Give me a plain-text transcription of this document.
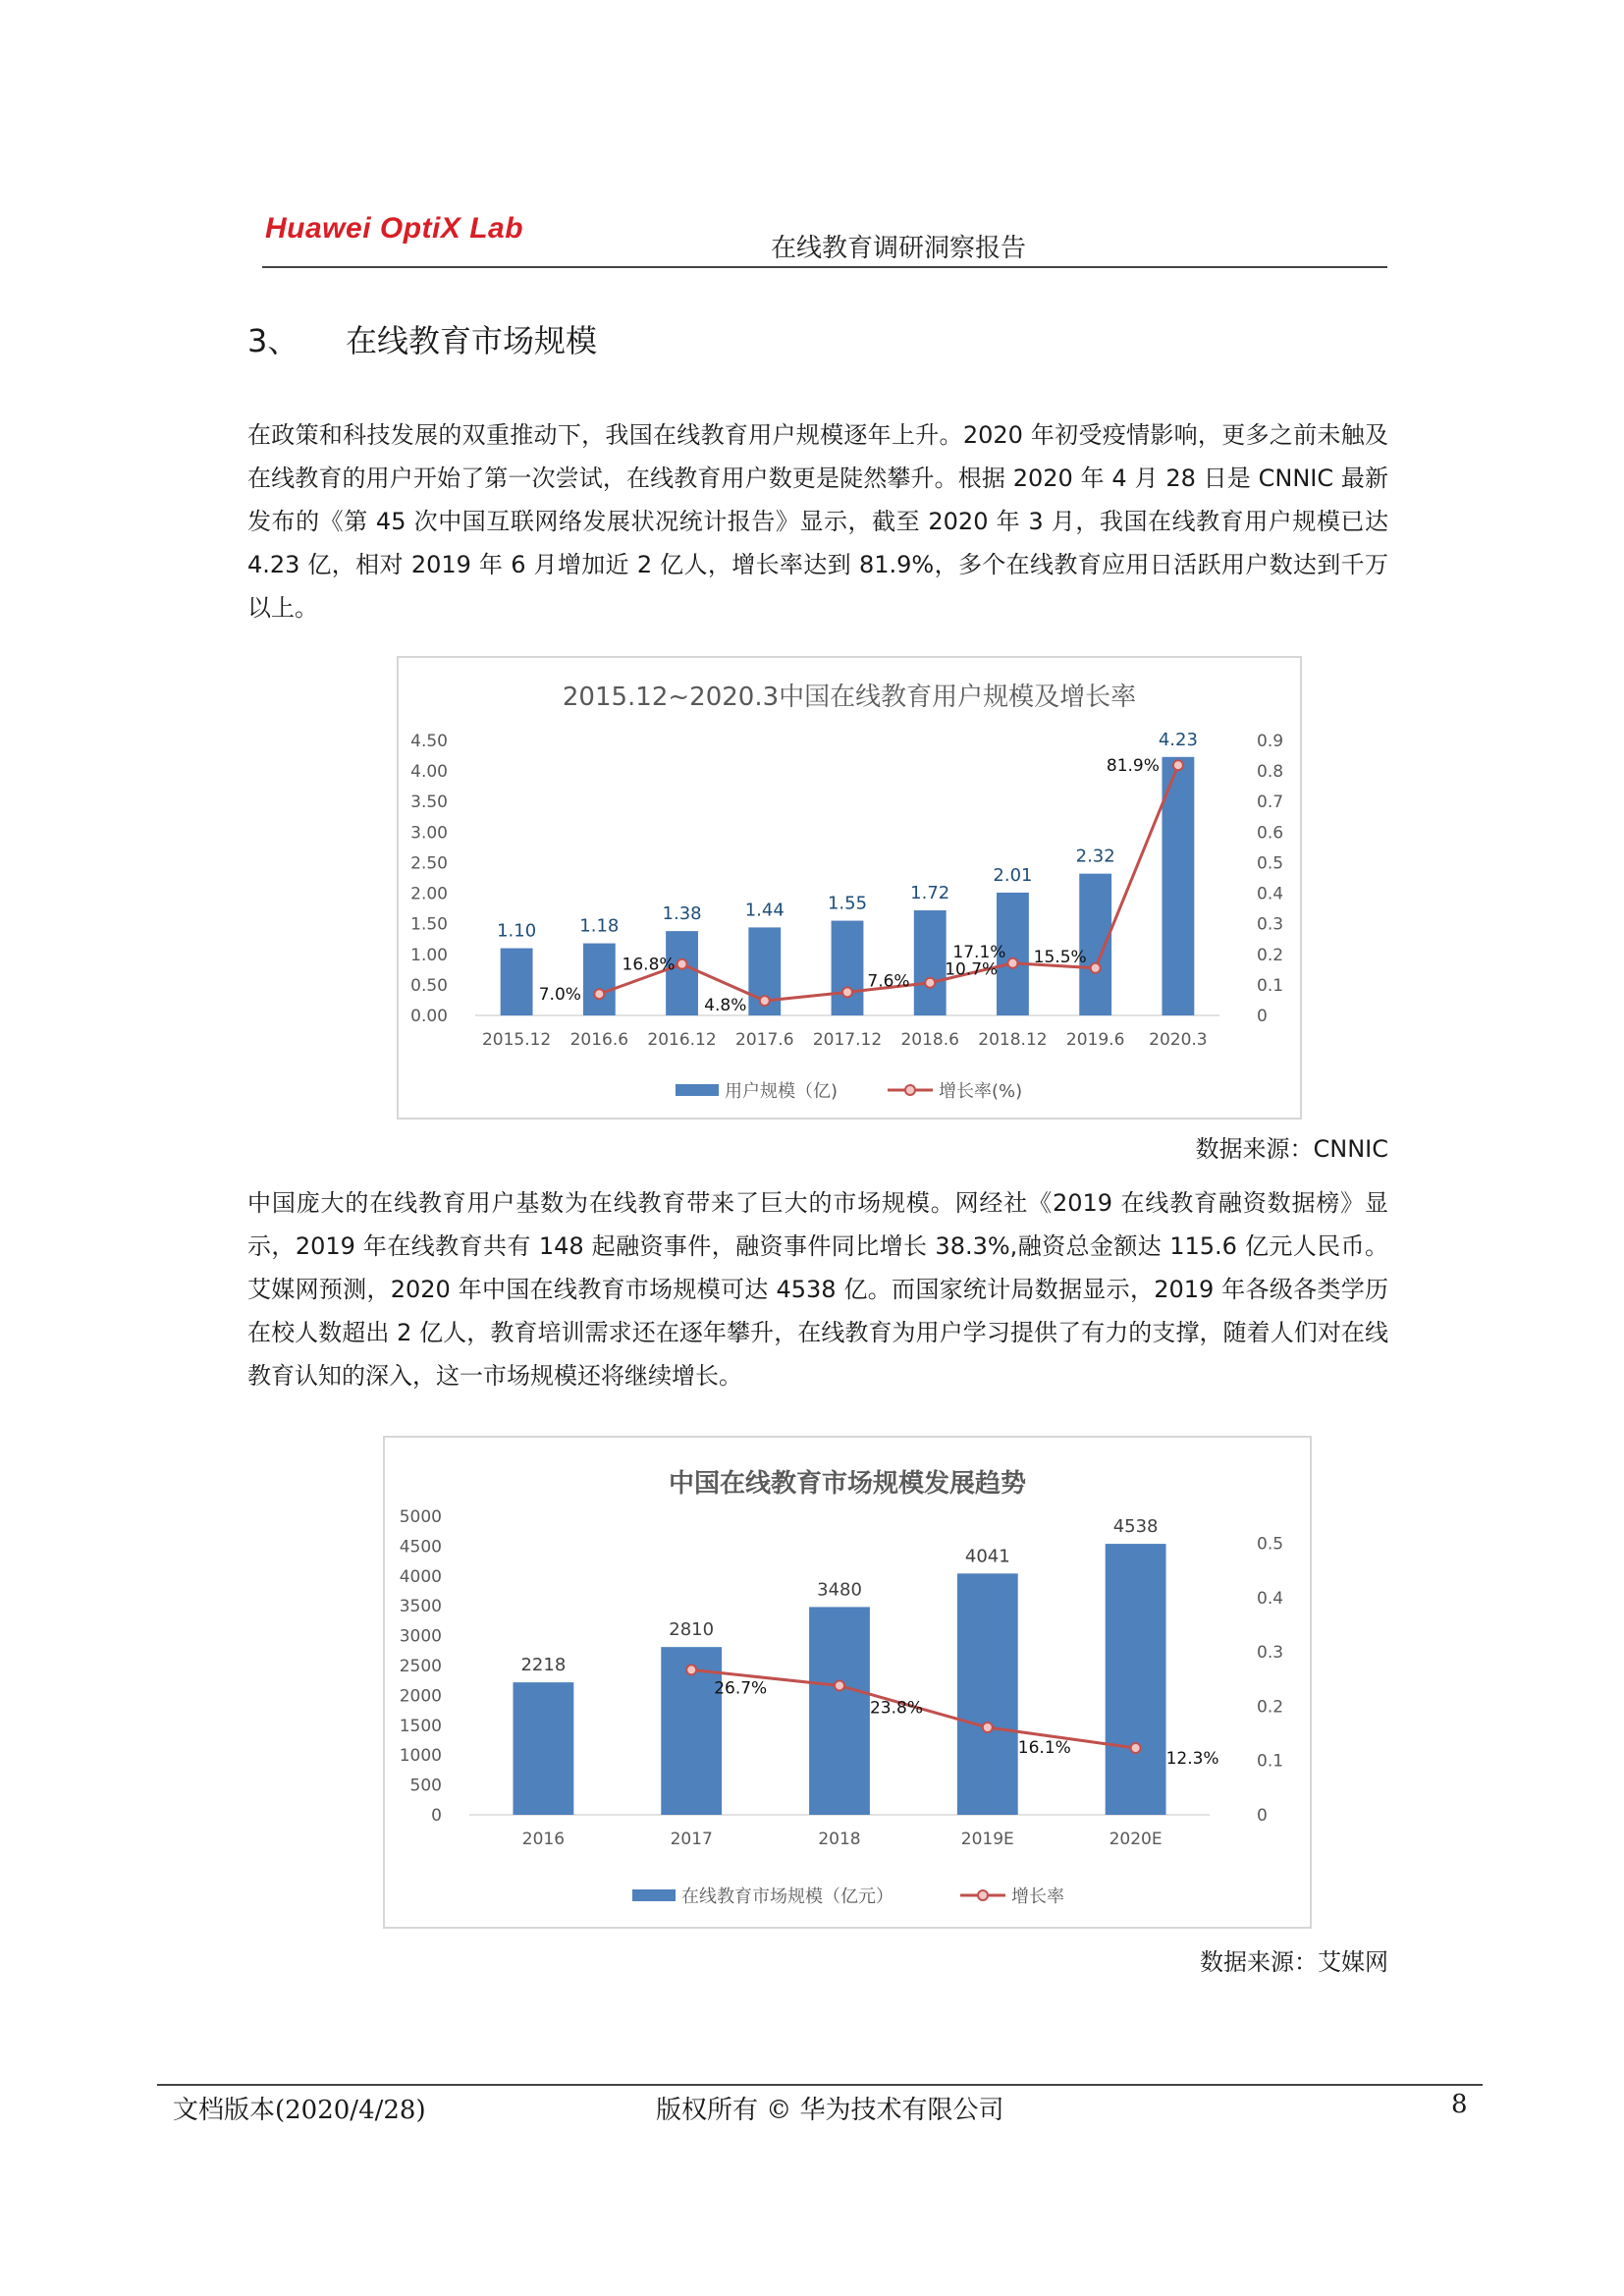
Huawei OptiX Lab
在线教育调研洞察报告
3、 在线教育市场规模
在政策和科技发展的双重推动下，我国在线教育用户规模逐年上升。2020 年初受疫情影响，更多之前未触及在线教育的用户开始了第一次尝试，在线教育用户数更是陡然攀升。根据 2020 年 4 月 28 日是 CNNIC 最新发布的《第 45 次中国互联网络发展状况统计报告》显示，截至 2020 年 3 月，我国在线教育用户规模已达 4.23 亿，相对 2019 年 6 月增加近 2 亿人，增长率达到 81.9%，多个在线教育应用日活跃用户数达到千万以上。
2015.12~2020.3中国在线教育用户规模及增长率
0.00
0.50
1.00
1.50
2.00
2.50
3.00
3.50
4.00
4.50
0
0.1
0.2
0.3
0.4
0.5
0.6
0.7
0.8
0.9
1.10
2015.12
1.18
2016.6
1.38
2016.12
1.44
2017.6
1.55
2017.12
1.72
2018.6
2.01
2018.12
2.32
2019.6
4.23
2020.3
7.0%
16.8%
4.8%
7.6%
10.7%
17.1% 15.5%
81.9%
用户规模（亿)	增长率(%)
数据来源：CNNIC
中国庞大的在线教育用户基数为在线教育带来了巨大的市场规模。网经社《2019 在线教育融资数据榜》显示，2019 年在线教育共有 148 起融资事件，融资事件同比增长 38.3%,融资总金额达 115.6 亿元人民币。艾媒网预测，2020 年中国在线教育市场规模可达 4538 亿。而国家统计局数据显示，2019 年各级各类学历在校人数超出 2 亿人，教育培训需求还在逐年攀升，在线教育为用户学习提供了有力的支撑，随着人们对在线教育认知的深入，这一市场规模还将继续增长。
中国在线教育市场规模发展趋势
0
500
1000
1500
2000
2500
3000
3500
4000
4500
5000
0
0.1
0.2
0.3
0.4
0.5
2218
2016
2810
2017
3480
2018
4041
2019E
4538
2020E
26.7%
23.8%
16.1%
12.3%
在线教育市场规模（亿元）	增长率
数据来源：艾媒网
文档版本(2020/4/28)	版权所有 © 华为技术有限公司	8
